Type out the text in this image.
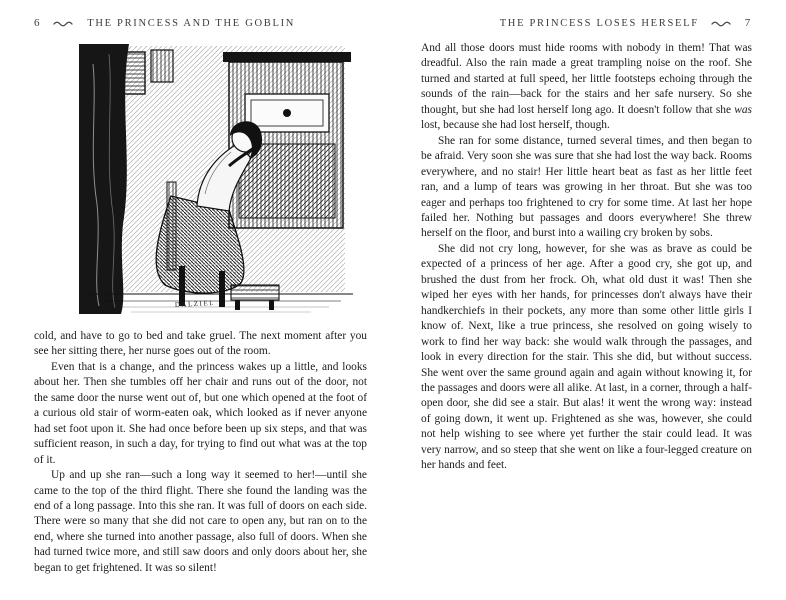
6	THE PRINCESS AND THE GOBLIN
DALZIEL

cold, and have to go to bed and take gruel. The next moment after you see her sitting there, her nurse goes out of the room.

Even that is a change, and the princess wakes up a little, and looks about her. Then she tumbles off her chair and runs out of the door, not the same door the nurse went out of, but one which opened at the foot of a curious old stair of worm-eaten oak, which looked as if never anyone had set foot upon it. She had once before been up six steps, and that was sufficient reason, in such a day, for trying to find out what was at the top of it.

Up and up she ran—such a long way it seemed to her!—until she came to the top of the third flight. There she found the landing was the end of a long passage. Into this she ran. It was full of doors on each side. There were so many that she did not care to open any, but ran on to the end, where she turned into another passage, also full of doors. When she had turned twice more, and still saw doors and only doors about her, she began to get frightened. It was so silent!

THE PRINCESS LOSES HERSELF	7

And all those doors must hide rooms with nobody in them! That was dreadful. Also the rain made a great trampling noise on the roof. She turned and started at full speed, her little footsteps echoing through the sounds of the rain—back for the stairs and her safe nursery. So she thought, but she had lost herself long ago. It doesn't follow that she was lost, because she had lost herself, though.

She ran for some distance, turned several times, and then began to be afraid. Very soon she was sure that she had lost the way back. Rooms everywhere, and no stair! Her little heart beat as fast as her little feet ran, and a lump of tears was growing in her throat. But she was too eager and perhaps too frightened to cry for some time. At last her hope failed her. Nothing but passages and doors everywhere! She threw herself on the floor, and burst into a wailing cry broken by sobs.

She did not cry long, however, for she was as brave as could be expected of a princess of her age. After a good cry, she got up, and brushed the dust from her frock. Oh, what old dust it was! Then she wiped her eyes with her hands, for princesses don't always have their handkerchiefs in their pockets, any more than some other little girls I know of. Next, like a true princess, she resolved on going wisely to work to find her way back: she would walk through the passages, and look in every direction for the stair. This she did, but without success. She went over the same ground again and again without knowing it, for the passages and doors were all alike. At last, in a corner, through a half-open door, she did see a stair. But alas! it went the wrong way: instead of going down, it went up. Frightened as she was, however, she could not help wishing to see where yet further the stair could lead. It was very narrow, and so steep that she went on like a four-legged creature on her hands and feet.
